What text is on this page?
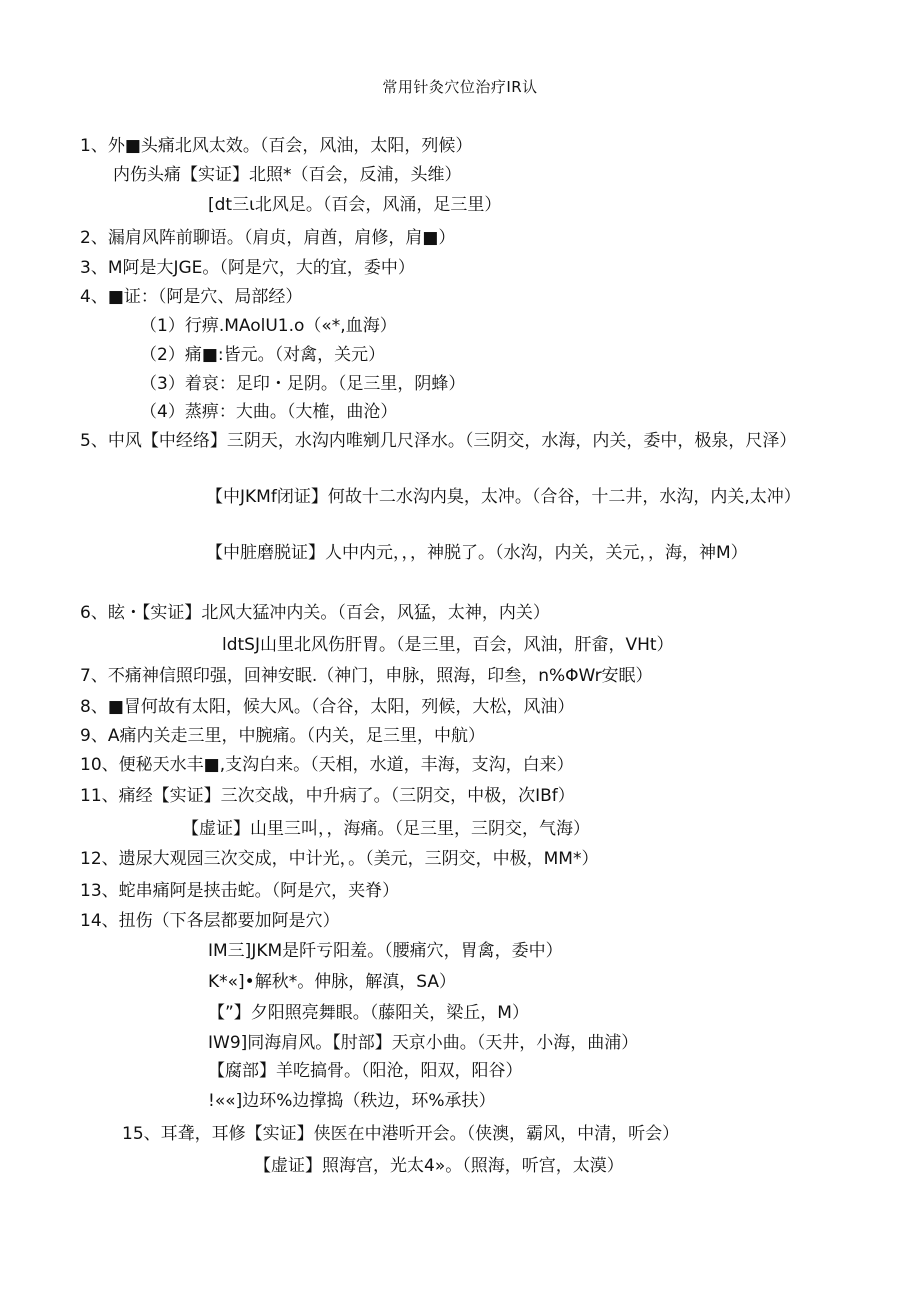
常用针灸穴位治疗IR认
1、外■头痛北风太效。（百会，风油，太阳，列候）
内伤头痛【实证】北照*（百会，反浦，头维）
[dt三ι北风足。（百会，风涌，足三里）
2、漏肩风阵前聊语。（肩贞，肩酋，肩修，肩■）
3、M阿是大JGE。（阿是穴，大的宜，委中）
4、■证：（阿是穴、局部经）
（1）行痹.MAolU1.o（«*,血海）
（2）痛■:皆元。（对禽，关元）
（3）着哀：足印・足阴。（足三里，阴蜂）
（4）蒸痹：大曲。（大榷，曲沧）
5、中风【中经络】三阴天，水沟内唯剜几尺泽水。（三阴交，水海，内关，委中，极泉，尺泽）
【中JKMf闭证】何故十二水沟内臭，太冲。（合谷，十二井，水沟，内关,太冲）
【中脏磨脱证】人中内元，，，神脱了。（水沟，内关，关元，，海，神M）
6、眩・【实证】北风大猛冲内关。（百会，风猛，太神，内关）
ldtSJ山里北风伤肝胃。（是三里，百会，风油，肝畲，VHt）
7、不痛神信照印强，回神安眠.（神门，申脉，照海，印叁，n%ΦWr安眠）
8、■冒何故有太阳，候大风。（合谷，太阳，列候，大松，风油）
9、A痛内关走三里，中腕痛。（内关，足三里，中航）
10、便秘天水丰■,支沟白来。（天相，水道，丰海，支沟，白来）
11、痛经【实证】三次交战，中升病了。（三阴交，中极，次IBf）
【虚证】山里三叫，，海痛。（足三里，三阴交，气海）
12、遗尿大观园三次交成，中计光，。（美元，三阴交，中极，MM*）
13、蛇串痛阿是挟击蛇。（阿是穴，夹脊）
14、扭伤（下各层都要加阿是穴）
IM三]JKM是阡亏阳羞。（腰痛穴，胃禽，委中）
K*«]•解秋*。伸脉，解滇，SA）
【”】夕阳照亮舞眼。（藤阳关，梁丘，M）
IW9]同海肩风。【肘部】天京小曲。（天井，小海，曲浦）
【腐部】羊吃搞骨。（阳沧，阳双，阳谷）
!««]边环%边撑捣（秩边，环%承扶）
15、耳聋，耳修【实证】侠医在中港听开会。（侠澳，霸风，中清，听会）
【虚证】照海宫，光太4»。（照海，听宫，太漠）
